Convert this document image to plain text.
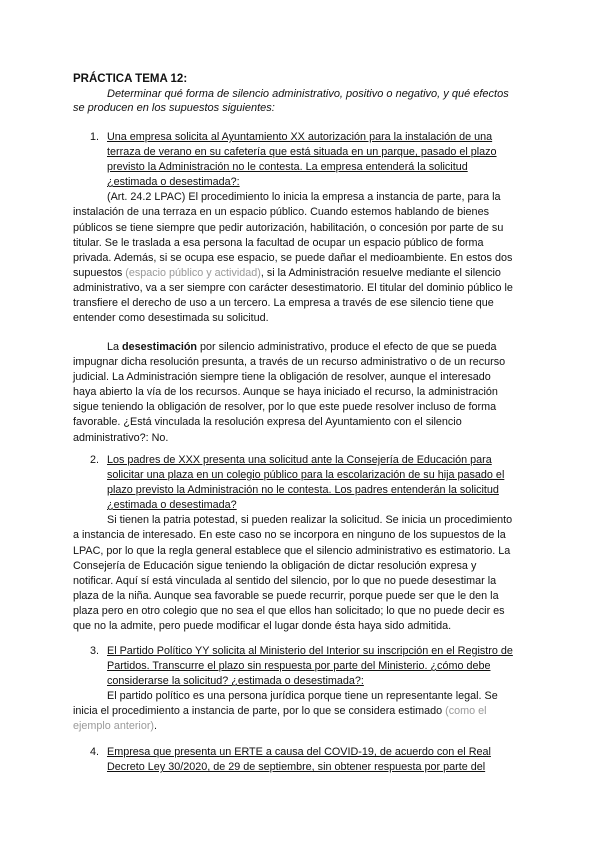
PRÁCTICA TEMA 12:
Determinar qué forma de silencio administrativo, positivo o negativo, y qué efectos se producen en los supuestos siguientes:
1. Una empresa solicita al Ayuntamiento XX autorización para la instalación de una terraza de verano en su cafetería que está situada en un parque, pasado el plazo previsto la Administración no le contesta. La empresa entenderá la solicitud ¿estimada o desestimada?:
(Art. 24.2 LPAC) El procedimiento lo inicia la empresa a instancia de parte, para la instalación de una terraza en un espacio público. Cuando estemos hablando de bienes públicos se tiene siempre que pedir autorización, habilitación, o concesión por parte de su titular. Se le traslada a esa persona la facultad de ocupar un espacio público de forma privada. Además, si se ocupa ese espacio, se puede dañar el medioambiente. En estos dos supuestos (espacio público y actividad), si la Administración resuelve mediante el silencio administrativo, va a ser siempre con carácter desestimatorio. El titular del dominio público le transfiere el derecho de uso a un tercero. La empresa a través de ese silencio tiene que entender como desestimada su solicitud.
La desestimación por silencio administrativo, produce el efecto de que se pueda impugnar dicha resolución presunta, a través de un recurso administrativo o de un recurso judicial. La Administración siempre tiene la obligación de resolver, aunque el interesado haya abierto la vía de los recursos. Aunque se haya iniciado el recurso, la administración sigue teniendo la obligación de resolver, por lo que este puede resolver incluso de forma favorable. ¿Está vinculada la resolución expresa del Ayuntamiento con el silencio administrativo?: No.
2. Los padres de XXX presenta una solicitud ante la Consejería de Educación para solicitar una plaza en un colegio público para la escolarización de su hija pasado el plazo previsto la Administración no le contesta. Los padres entenderán la solicitud ¿estimada o desestimada?
Si tienen la patria potestad, si pueden realizar la solicitud. Se inicia un procedimiento a instancia de interesado. En este caso no se incorpora en ninguno de los supuestos de la LPAC, por lo que la regla general establece que el silencio administrativo es estimatorio. La Consejería de Educación sigue teniendo la obligación de dictar resolución expresa y notificar. Aquí sí está vinculada al sentido del silencio, por lo que no puede desestimar la plaza de la niña. Aunque sea favorable se puede recurrir, porque puede ser que le den la plaza pero en otro colegio que no sea el que ellos han solicitado; lo que no puede decir es que no la admite, pero puede modificar el lugar donde ésta haya sido admitida.
3. El Partido Político YY solicita al Ministerio del Interior su inscripción en el Registro de Partidos. Transcurre el plazo sin respuesta por parte del Ministerio. ¿cómo debe considerarse la solicitud? ¿estimada o desestimada?:
El partido político es una persona jurídica porque tiene un representante legal. Se inicia el procedimiento a instancia de parte, por lo que se considera estimado (como el ejemplo anterior).
4. Empresa que presenta un ERTE a causa del COVID-19, de acuerdo con el Real Decreto Ley 30/2020, de 29 de septiembre, sin obtener respuesta por parte del
